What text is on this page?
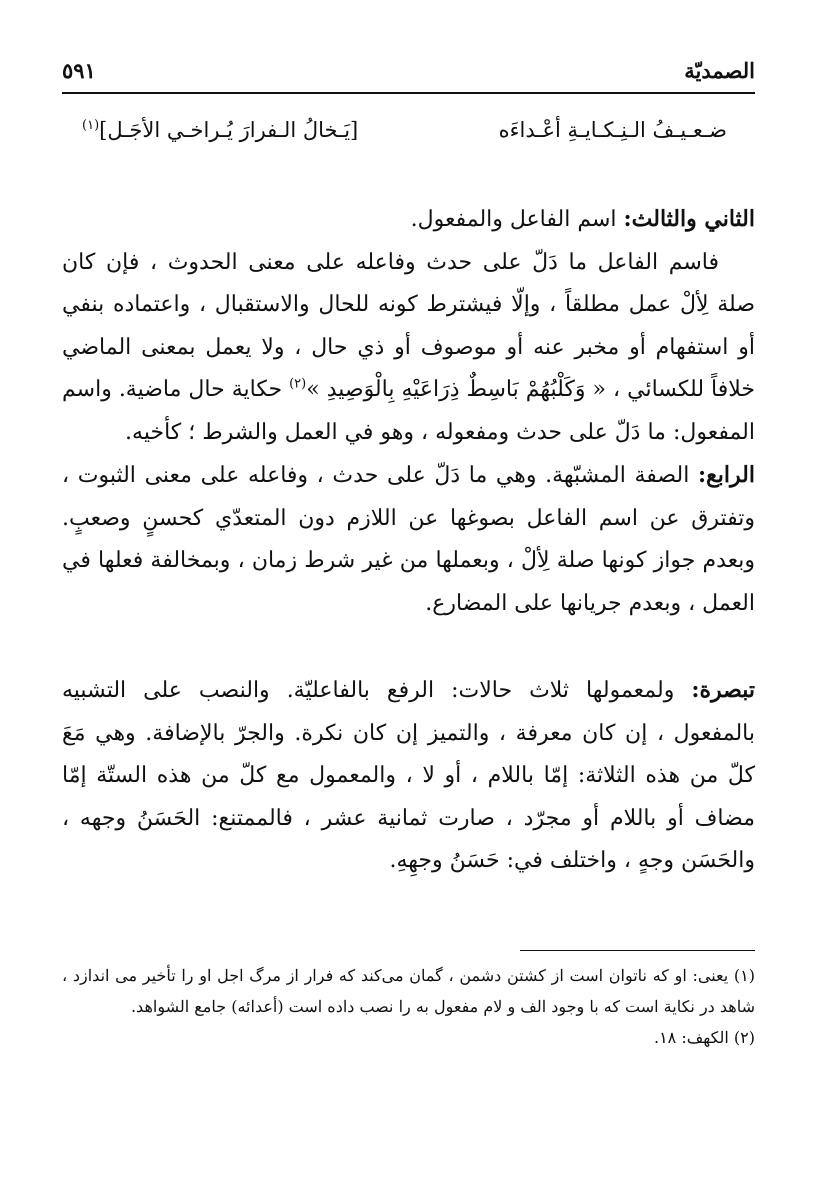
الصمديّة
٥٩١
ضـعـيـفُ الـنِـكـايـةِ أعْـداءَه
[يَـخالُ الـفرارَ يُـراخـي الأجَـل]$^{(١)}$

الثاني والثالث: اسم الفاعل والمفعول.

فاسم الفاعل ما دَلّ على حدث وفاعله على معنى الحدوث ، فإن كان صلة لِألْ عمل مطلقاً ، وإلّا فيشترط كونه للحال والاستقبال ، واعتماده بنفي أو استفهام أو مخبر عنه أو موصوف أو ذي حال ، ولا يعمل بمعنى الماضي خلافاً للكسائي ، « وَكَلْبُهُمْ بَاسِطٌ ذِرَاعَيْهِ بِالْوَصِيدِ »$^{(٢)}$ حكاية حال ماضية. واسم المفعول: ما دَلّ على حدث ومفعوله ، وهو في العمل والشرط ؛ كأخيه.

الرابع: الصفة المشبّهة. وهي ما دَلّ على حدث ، وفاعله على معنى الثبوت ، وتفترق عن اسم الفاعل بصوغها عن اللازم دون المتعدّي كحسنٍ وصعبٍ. وبعدم جواز كونها صلة لِألْ ، وبعملها من غير شرط زمان ، وبمخالفة فعلها في العمل ، وبعدم جريانها على المضارع.

تبصرة: ولمعمولها ثلاث حالات: الرفع بالفاعليّة. والنصب على التشبيه بالمفعول ، إن كان معرفة ، والتميز إن كان نكرة. والجرّ بالإضافة. وهي مَعَ كلّ من هذه الثلاثة: إمّا باللام ، أو لا ، والمعمول مع كلّ من هذه الستّة إمّا مضاف أو باللام أو مجرّد ، صارت ثمانية عشر ، فالممتنع: الحَسَنُ وجهه ، والحَسَن وجهٍ ، واختلف في: حَسَنُ وجهِهِ.

(١) يعنى: او كه ناتوان است از كشتن دشمن ، گمان مى‌كند كه فرار از مرگ اجل او را تأخير مى اندازد ، شاهد در نكاية است كه با وجود الف و لام مفعول به را نصب داده است (أعدائه) جامع الشواهد.

(٢) الكهف: ١٨.
